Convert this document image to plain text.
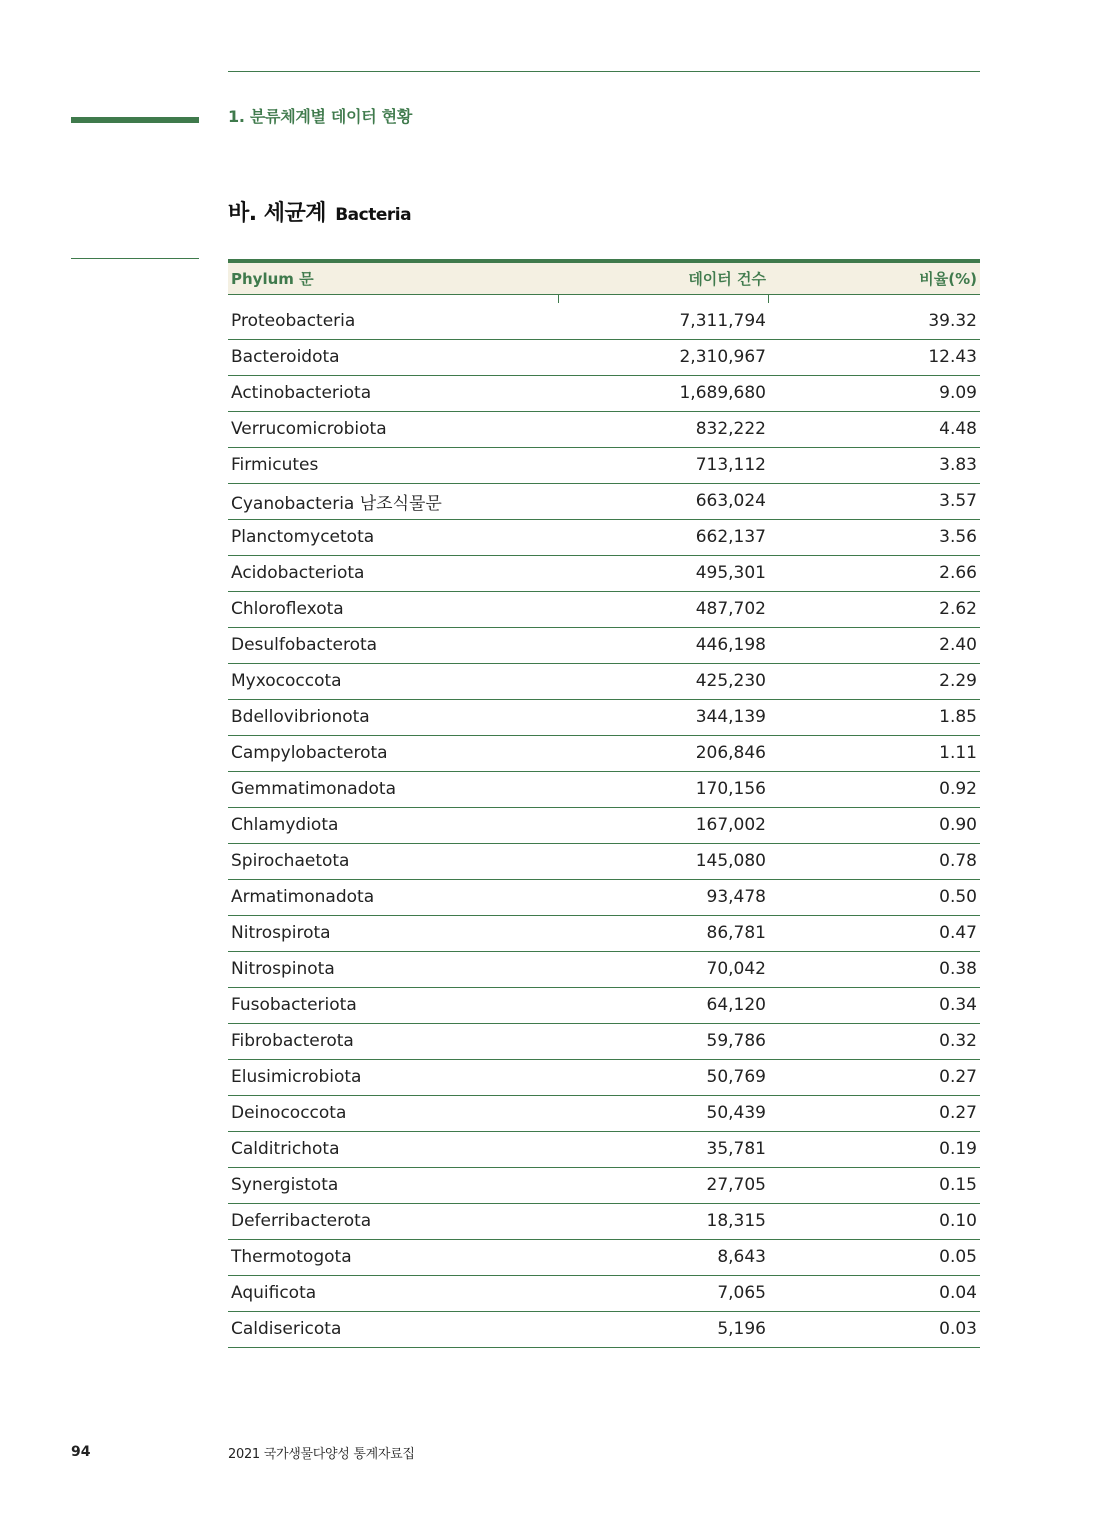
1. 분류체계별 데이터 현황
바. 세균계 Bacteria
Phylum 문	데이터 건수	비율(%)
Proteobacteria	7,311,794	39.32
Bacteroidota	2,310,967	12.43
Actinobacteriota	1,689,680	9.09
Verrucomicrobiota	832,222	4.48
Firmicutes	713,112	3.83
Cyanobacteria 남조식물문	663,024	3.57
Planctomycetota	662,137	3.56
Acidobacteriota	495,301	2.66
Chloroflexota	487,702	2.62
Desulfobacterota	446,198	2.40
Myxococcota	425,230	2.29
Bdellovibrionota	344,139	1.85
Campylobacterota	206,846	1.11
Gemmatimonadota	170,156	0.92
Chlamydiota	167,002	0.90
Spirochaetota	145,080	0.78
Armatimonadota	93,478	0.50
Nitrospirota	86,781	0.47
Nitrospinota	70,042	0.38
Fusobacteriota	64,120	0.34
Fibrobacterota	59,786	0.32
Elusimicrobiota	50,769	0.27
Deinococcota	50,439	0.27
Calditrichota	35,781	0.19
Synergistota	27,705	0.15
Deferribacterota	18,315	0.10
Thermotogota	8,643	0.05
Aquificota	7,065	0.04
Caldisericota	5,196	0.03
94	2021 국가생물다양성 통계자료집
